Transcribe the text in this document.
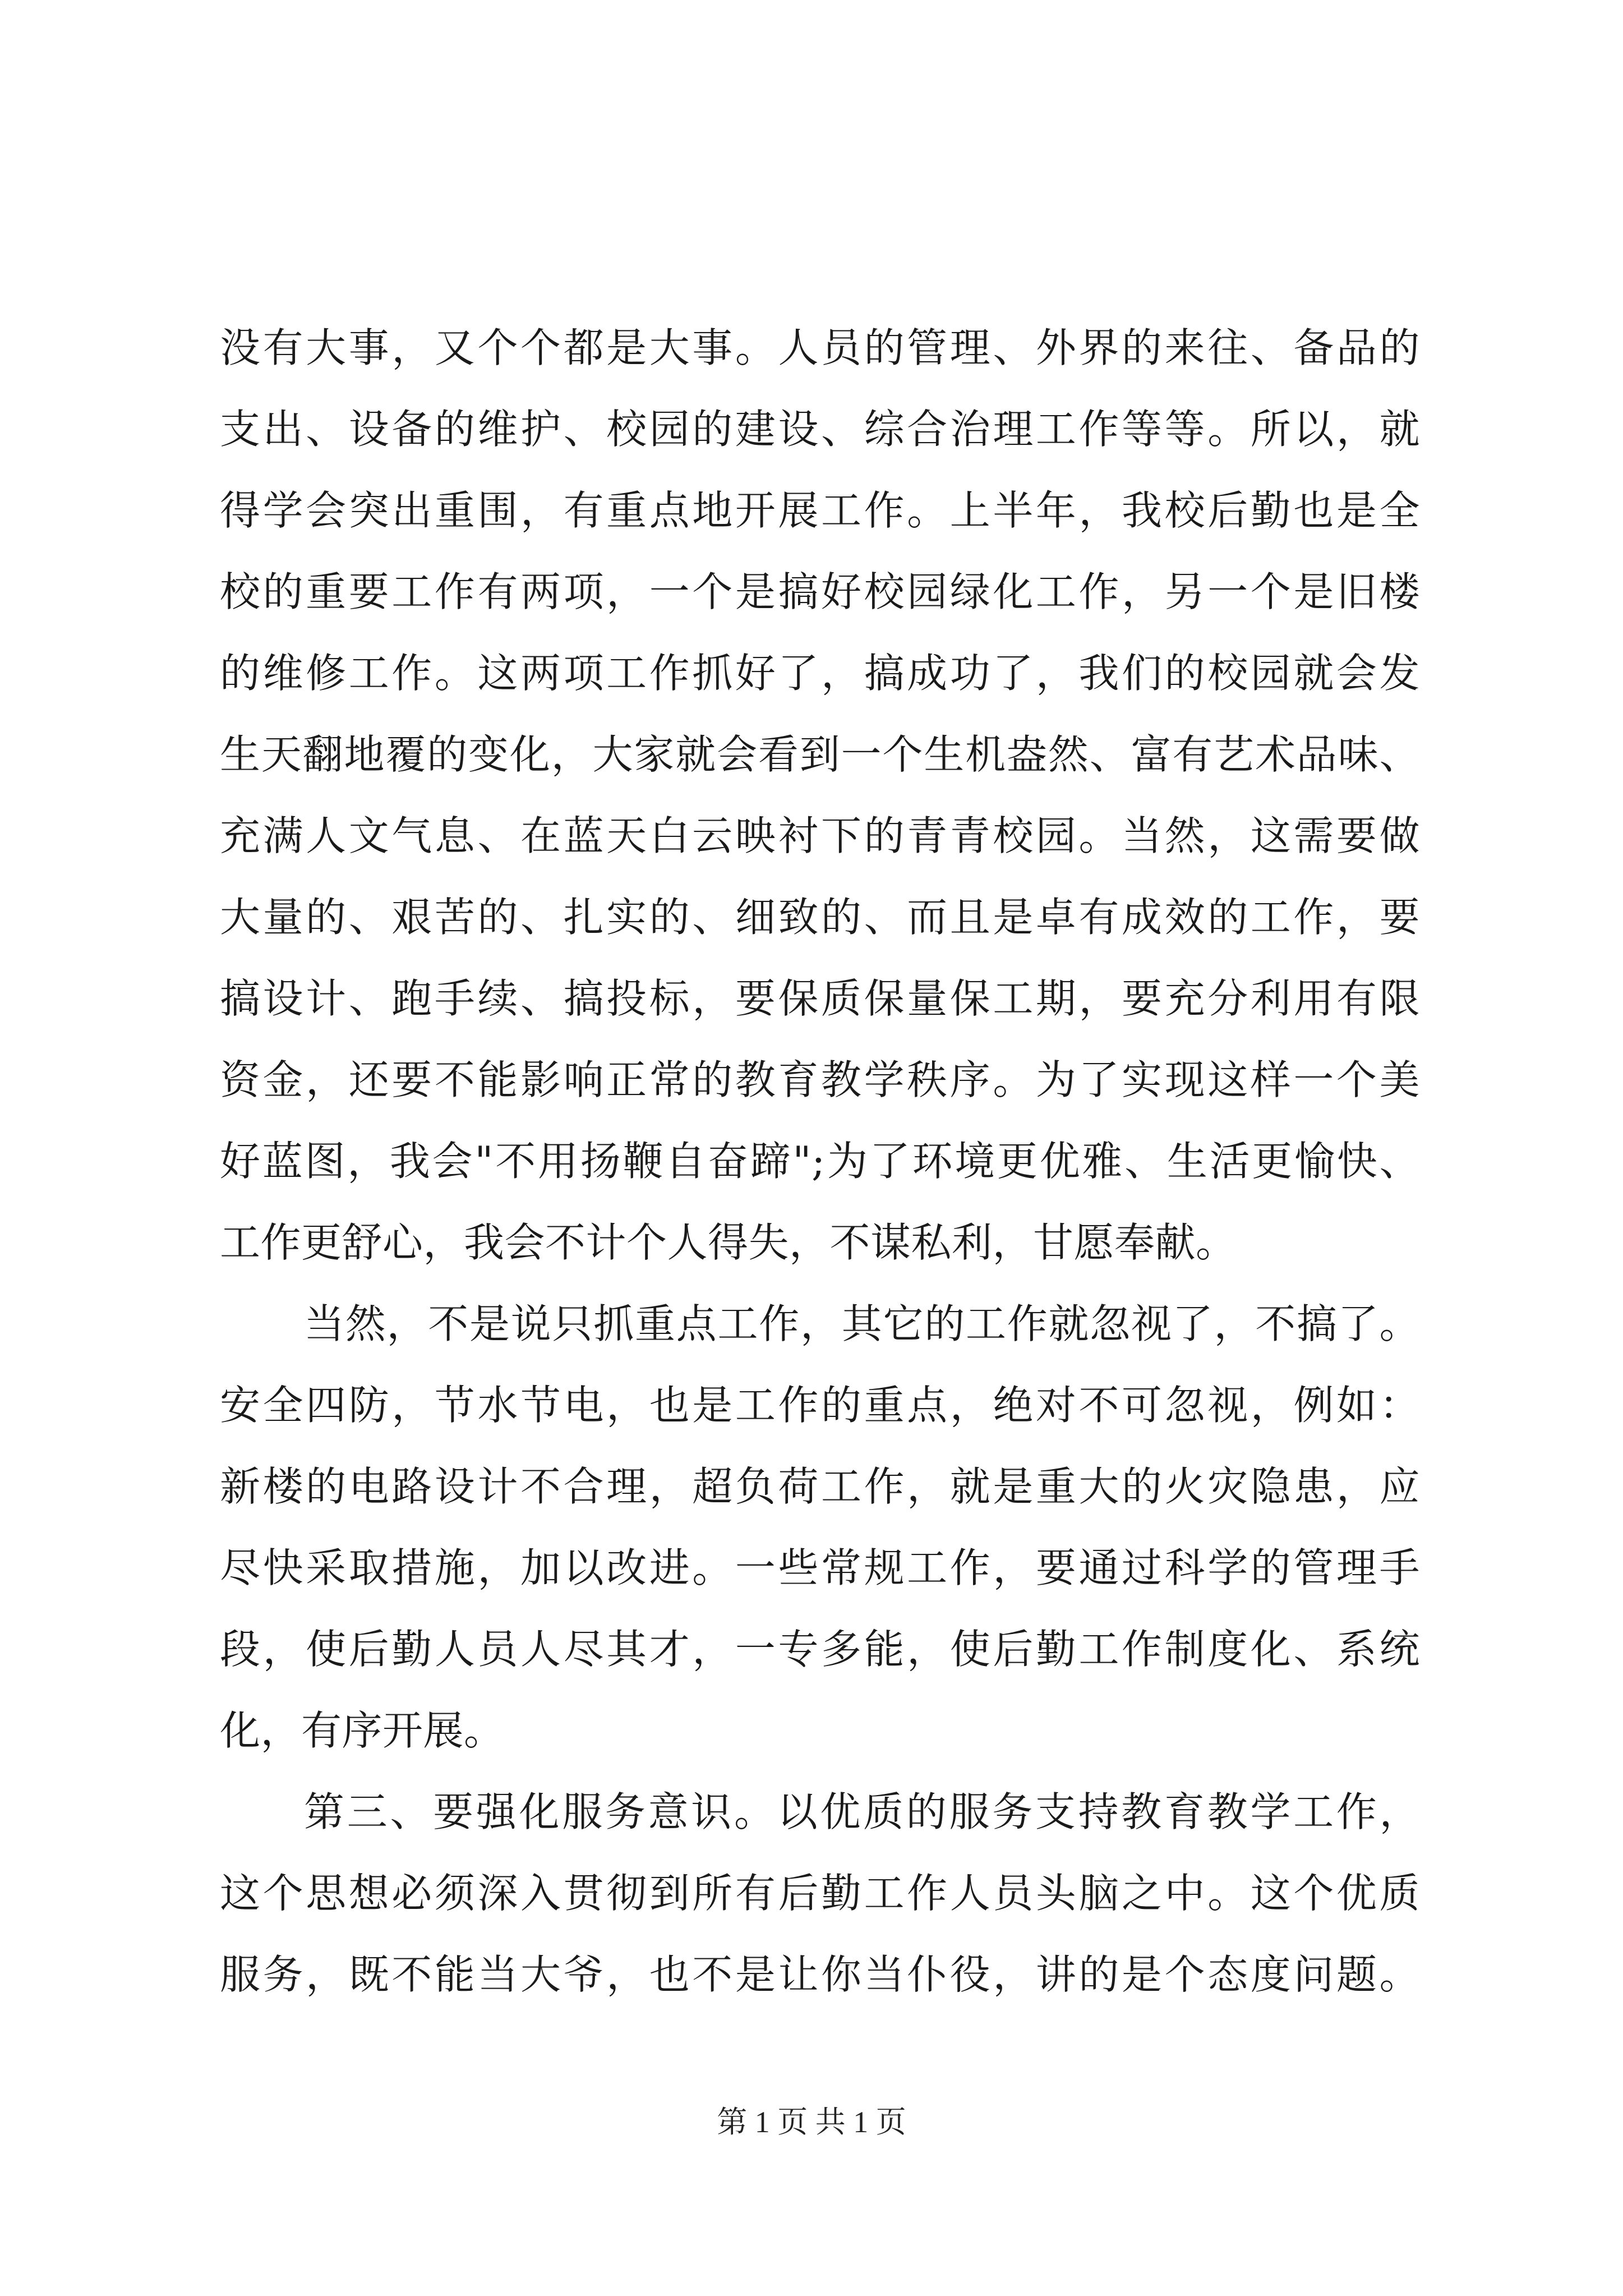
没有大事，又个个都是大事。人员的管理、外界的来往、备品的
支出、设备的维护、校园的建设、综合治理工作等等。所以，就
得学会突出重围，有重点地开展工作。上半年，我校后勤也是全
校的重要工作有两项，一个是搞好校园绿化工作，另一个是旧楼
的维修工作。这两项工作抓好了，搞成功了，我们的校园就会发
生天翻地覆的变化，大家就会看到一个生机盎然、富有艺术品味、
充满人文气息、在蓝天白云映衬下的青青校园。当然，这需要做
大量的、艰苦的、扎实的、细致的、而且是卓有成效的工作，要
搞设计、跑手续、搞投标，要保质保量保工期，要充分利用有限
资金，还要不能影响正常的教育教学秩序。为了实现这样一个美
好蓝图，我会"不用扬鞭自奋蹄";为了环境更优雅、生活更愉快、
工作更舒心，我会不计个人得失，不谋私利，甘愿奉献。
当然，不是说只抓重点工作，其它的工作就忽视了，不搞了。
安全四防，节水节电，也是工作的重点，绝对不可忽视，例如：
新楼的电路设计不合理，超负荷工作，就是重大的火灾隐患，应
尽快采取措施，加以改进。一些常规工作，要通过科学的管理手
段，使后勤人员人尽其才，一专多能，使后勤工作制度化、系统
化，有序开展。
第三、要强化服务意识。以优质的服务支持教育教学工作，
这个思想必须深入贯彻到所有后勤工作人员头脑之中。这个优质
服务，既不能当大爷，也不是让你当仆役，讲的是个态度问题。
第 1 页 共 1 页
